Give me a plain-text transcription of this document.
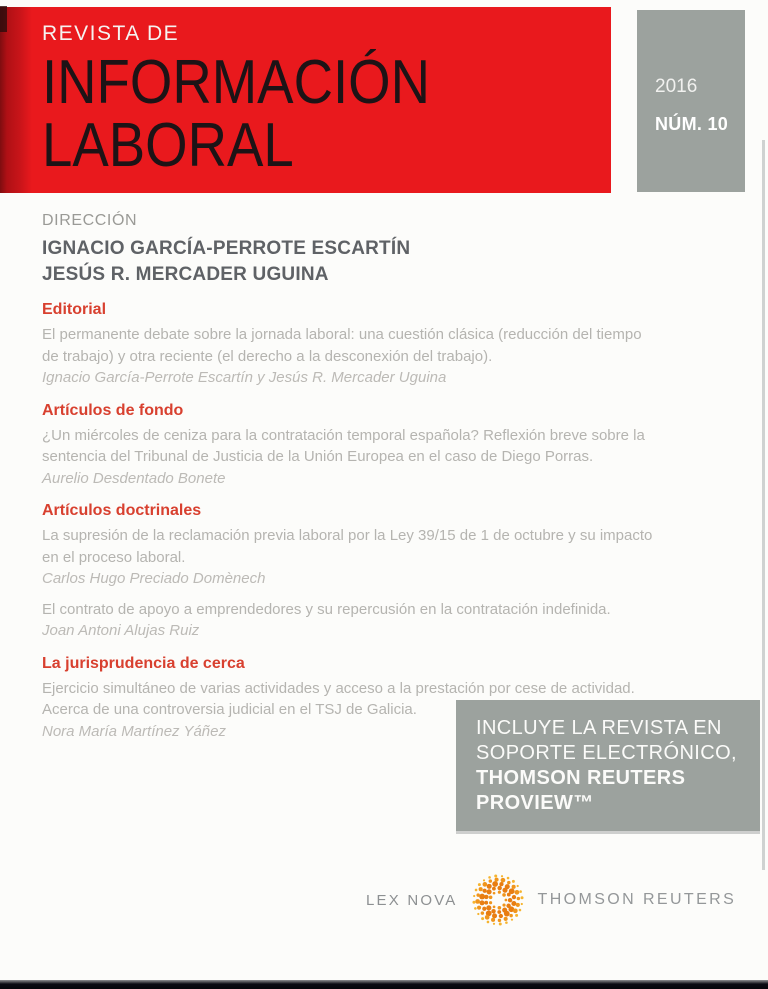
REVISTA DE
INFORMACIÓN
LABORAL
2016
NÚM. 10
DIRECCIÓN
IGNACIO GARCÍA-PERROTE ESCARTÍN
JESÚS R. MERCADER UGUINA
Editorial
El permanente debate sobre la jornada laboral: una cuestión clásica (reducción del tiempo de trabajo) y otra reciente (el derecho a la desconexión del trabajo).
Ignacio García-Perrote Escartín y Jesús R. Mercader Uguina
Artículos de fondo
¿Un miércoles de ceniza para la contratación temporal española? Reflexión breve sobre la sentencia del Tribunal de Justicia de la Unión Europea en el caso de Diego Porras.
Aurelio Desdentado Bonete
Artículos doctrinales
La supresión de la reclamación previa laboral por la Ley 39/15 de 1 de octubre y su impacto en el proceso laboral.
Carlos Hugo Preciado Domènech
El contrato de apoyo a emprendedores y su repercusión en la contratación indefinida.
Joan Antoni Alujas Ruiz
La jurisprudencia de cerca
Ejercicio simultáneo de varias actividades y acceso a la prestación por cese de actividad. Acerca de una controversia judicial en el TSJ de Galicia.
Nora María Martínez Yáñez	INCLUYE LA REVISTA EN
SOPORTE ELECTRÓNICO,
THOMSON REUTERS
PROVIEW™
LEX NOVA	THOMSON REUTERS
